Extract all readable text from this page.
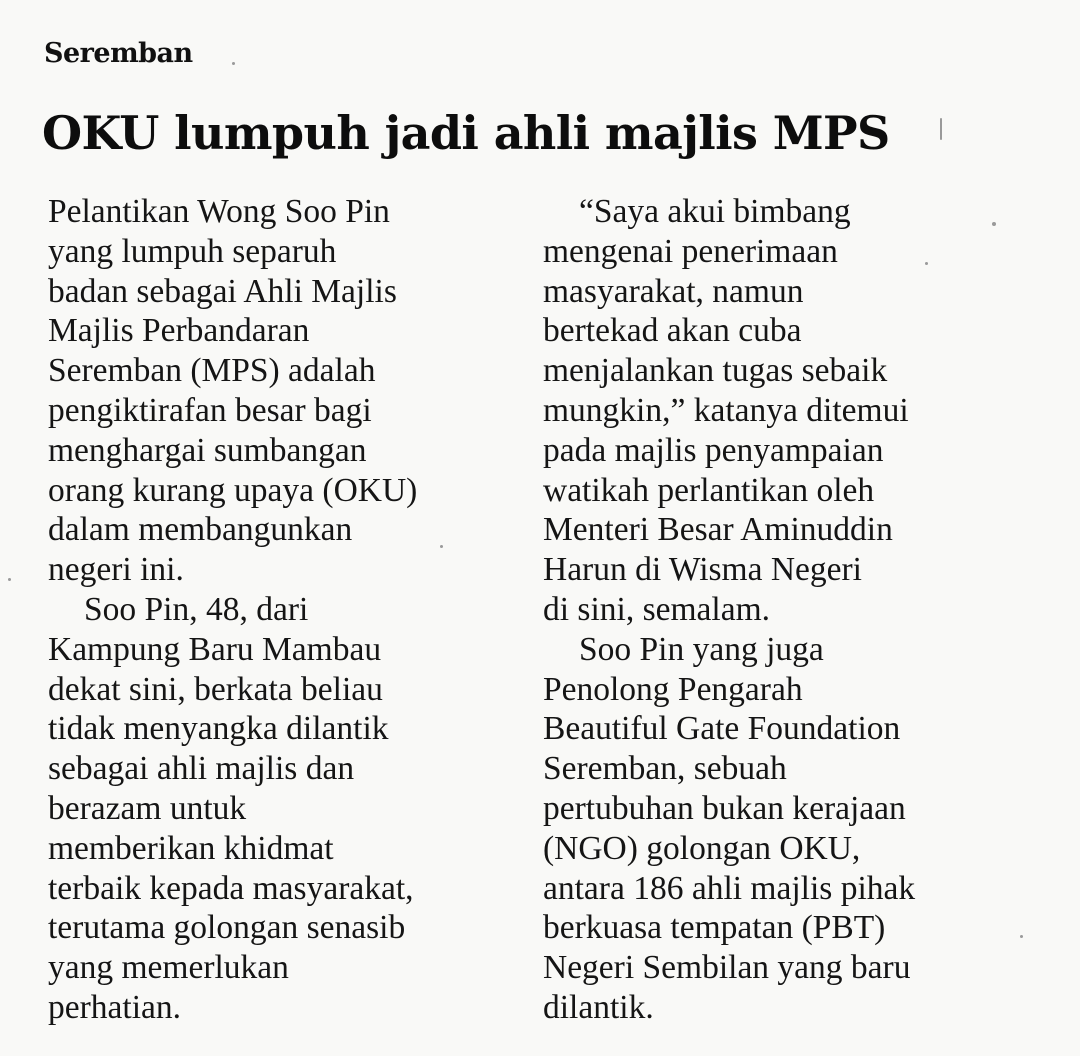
Seremban
OKU lumpuh jadi ahli majlis MPS

Pelantikan Wong Soo Pin
yang lumpuh separuh
badan sebagai Ahli Majlis
Majlis Perbandaran
Seremban (MPS) adalah
pengiktirafan besar bagi
menghargai sumbangan
orang kurang upaya (OKU)
dalam membangunkan
negeri ini.

Soo Pin, 48, dari
Kampung Baru Mambau
dekat sini, berkata beliau
tidak menyangka dilantik
sebagai ahli majlis dan
berazam untuk
memberikan khidmat
terbaik kepada masyarakat,
terutama golongan senasib
yang memerlukan
perhatian.

“Saya akui bimbang
mengenai penerimaan
masyarakat, namun
bertekad akan cuba
menjalankan tugas sebaik
mungkin,” katanya ditemui
pada majlis penyampaian
watikah perlantikan oleh
Menteri Besar Aminuddin
Harun di Wisma Negeri
di sini, semalam.

Soo Pin yang juga
Penolong Pengarah
Beautiful Gate Foundation
Seremban, sebuah
pertubuhan bukan kerajaan
(NGO) golongan OKU,
antara 186 ahli majlis pihak
berkuasa tempatan (PBT)
Negeri Sembilan yang baru
dilantik.
